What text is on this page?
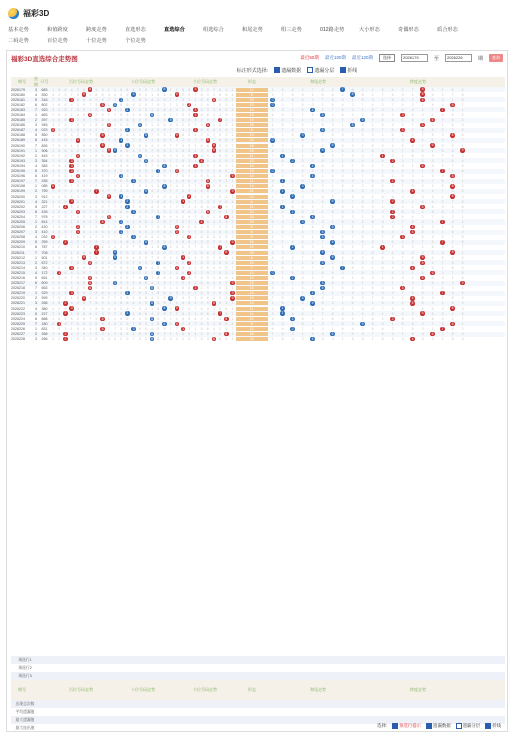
福彩3D
基本走势	和值跨度	跨度走势	直选形态	直选综合	组选综合	和尾走势	组三走势	012路走势	大小形态	奇偶形态	质合形态
二码走势	百位走势	十位走势	个位走势
福彩3D直选综合走势图	最近50期 最近100期 最近120期	选择	2026179	至	2026226	期	查询
标注形式选择:	遗漏数据	遗漏分层	折线
期号
星期
开号	百位号码走势	十位号码走势	个位号码走势	形态	和尾走势	跨度走势
2026179	3	683	1	8	6	4	2	9	6	5	3	1	1	8	6	4	2	9	7	5	8	1	1	8	6	3	2	9	7	5	3	1	17	1	6	4	2	7	5	3	7	6	4	1	6	4	2	7	5	3	1	6	4
2026180	4	530	4	2	9	7	5	5	1	8	6	4	4	2	9	3	5	3	1	8	6	4	0	2	9	7	5	3	1	8	6	4	8	2	7	5	3	1	6	4	2	8	5	2	7	5	3	1	5	4	2	7	5
2026181	5	316	7	5	3	3	8	6	4	2	9	7	7	1	3	1	8	6	4	2	9	7	7	5	3	1	8	6	6	2	9	7	10	0	1	6	4	2	7	5	3	1	6	3	1	6	4	2	5	5	3	1	6
2026182	6	802	1	8	6	4	2	9	7	5	8	1	0	8	6	4	2	9	7	5	3	1	1	8	2	4	2	9	7	5	3	1	10	0	2	7	5	3	1	6	4	2	7	4	2	7	5	3	1	6	4	8	7
2026183	7	923	4	2	9	7	5	3	1	8	6	9	4	2	2	7	5	3	1	8	6	4	4	2	9	3	5	3	1	8	6	4	14	5	3	1	6	4	2	7	5	3	1	5	3	1	6	4	2	7	7	3	1
2026184	1	663	7	5	3	1	8	6	6	2	9	7	7	5	3	1	8	6	6	2	9	7	7	5	3	3	8	6	4	2	9	7	15	6	4	2	7	5	5	1	6	4	2	6	4	2	3	5	3	1	6	4	2
2026185	2	397	1	8	6	3	2	9	7	5	3	1	1	8	6	4	2	9	7	5	3	9	1	8	6	4	2	9	7	7	3	1	19	7	5	3	1	6	4	2	7	5	9	7	5	3	1	6	4	6	7	5	3
2026186	3	945	4	2	9	7	5	3	1	8	6	9	4	2	9	7	4	3	1	8	6	4	4	2	9	7	5	5	1	8	6	4	18	1	6	4	2	7	5	3	1	8	4	1	6	4	2	7	5	3	1	6	4
2026187	4	023	0	5	3	1	8	6	4	2	9	7	7	5	2	1	8	6	4	2	9	7	7	5	3	3	8	6	4	2	9	7	5	2	7	5	3	1	5	4	2	7	5	2	7	5	3	1	6	4	2	7	5
2026188	5	850	1	8	6	4	2	9	7	5	8	1	1	8	6	4	2	5	7	5	3	1	0	8	6	4	2	9	7	5	3	1	13	3	1	6	3	2	7	5	3	1	6	3	1	6	4	2	7	5	3	8	6
2026189	6	415	4	2	9	7	4	3	1	8	6	4	4	1	9	7	5	3	1	8	6	4	4	2	9	7	5	5	1	8	6	4	10	0	2	7	5	3	1	6	4	2	7	4	2	7	5	4	1	6	4	2	7
2026190	7	826	7	5	3	1	8	6	4	2	8	7	7	5	2	1	8	6	4	2	9	7	7	5	3	1	8	6	6	2	9	7	16	5	3	1	6	4	2	6	5	3	1	5	3	1	6	4	2	6	5	3	1
2026191	1	906	1	8	6	4	2	9	7	5	3	9	0	8	6	4	2	9	7	5	3	1	1	8	6	4	2	9	6	5	3	1	15	6	4	2	7	5	5	1	6	4	2	6	4	2	7	5	3	1	6	4	9
2026192	2	443	4	2	9	7	4	3	1	8	6	4	4	2	9	7	4	3	1	8	6	4	4	2	9	3	5	3	1	8	6	4	11	7	1	3	1	6	4	2	7	5	3	7	1	3	1	6	4	2	7	5	3
2026193	3	354	7	5	3	3	8	6	4	2	9	7	7	5	3	1	8	5	4	2	9	7	7	5	3	1	4	6	4	2	9	7	12	1	6	2	2	7	5	3	1	6	4	1	6	2	2	7	5	3	1	6	4
2026194	4	383	1	8	6	3	2	9	7	5	3	1	1	8	6	4	2	9	7	5	8	1	1	8	6	3	2	9	7	5	3	1	14	2	7	5	3	4	6	4	2	7	5	2	7	5	3	1	5	4	2	7	5
2026195	5	370	4	2	9	3	5	3	1	8	6	4	4	2	9	7	5	3	1	7	6	4	0	2	9	7	5	3	1	8	6	4	10	0	1	6	4	2	7	5	3	1	6	3	1	6	4	2	7	5	7	1	6
2026196	6	419	7	5	3	1	4	6	4	2	9	7	7	1	3	1	8	6	4	2	9	7	7	5	3	1	8	6	4	2	9	9	14	4	2	7	5	4	1	6	4	2	7	4	2	7	5	3	1	6	4	8	7
2026197	7	335	1	8	6	3	2	9	7	5	3	1	1	8	6	3	2	9	7	5	3	1	1	8	6	4	2	5	7	5	3	1	11	5	1	1	6	4	2	7	5	3	1	5	3	2	6	4	2	7	5	3	1
2026198	1	085	0	2	9	7	5	3	1	8	6	4	4	2	9	7	5	3	1	8	8	4	4	2	9	7	5	5	1	8	6	4	13	6	4	2	3	5	3	1	6	4	2	6	4	2	7	5	3	1	6	8	2
2026199	2	759	7	5	3	1	8	6	4	7	9	7	7	5	3	1	8	5	4	2	9	7	7	5	3	1	8	6	4	2	9	9	21	7	1	3	1	6	4	2	7	5	3	7	5	3	1	4	4	2	7	5	3
2026200	3	912	1	8	6	4	2	9	7	5	3	9	1	1	6	4	2	9	7	5	3	1	1	8	2	4	2	9	7	5	3	1	12	1	6	2	2	7	5	3	1	6	4	1	6	4	2	7	5	3	1	8	4
2026201	4	321	4	2	9	3	5	3	1	8	6	4	4	2	2	7	5	3	1	8	6	4	4	1	9	7	5	3	1	8	6	4	6	2	7	5	3	1	6	6	2	7	5	2	7	2	3	1	6	4	2	7	5
2026202	5	227	7	5	2	1	8	6	4	2	9	7	7	5	2	1	8	6	4	2	9	7	7	5	3	1	8	6	4	7	9	7	11	3	1	6	4	2	7	5	3	1	6	3	1	6	4	2	5	5	3	1	6
2026203	6	435	1	8	6	4	4	9	7	5	3	1	1	8	6	3	2	9	7	5	3	1	1	8	6	4	2	5	7	5	3	1	12	4	2	2	5	3	1	6	4	2	7	4	2	2	5	3	1	6	4	2	7
2026204	7	978	4	2	9	7	5	3	1	8	6	9	4	2	9	7	5	3	1	7	6	4	4	2	9	7	5	3	1	8	8	4	24	5	3	1	6	4	2	7	5	3	1	5	3	2	6	4	2	7	5	3	1
2026205	1	814	7	5	3	1	8	6	4	2	8	7	7	1	3	1	8	6	4	2	9	7	7	5	3	1	4	6	4	2	9	7	13	6	4	2	3	5	3	1	6	4	2	6	4	2	7	5	3	1	7	4	2
2026206	2	420	1	8	6	4	4	9	7	5	3	1	1	8	2	4	2	9	7	5	3	1	0	8	6	4	2	9	7	5	3	1	6	7	5	3	1	6	4	6	7	5	3	7	5	3	1	4	4	2	7	5	3
2026207	3	410	4	2	9	7	4	3	1	8	6	4	4	1	9	7	5	3	1	8	6	4	0	2	9	7	5	3	1	8	6	4	5	1	6	4	2	7	5	3	1	6	4	1	6	4	2	4	5	3	1	6	4
2026208	4	032	0	5	3	1	8	6	4	2	9	7	7	5	3	3	8	6	4	2	9	7	7	5	2	1	8	6	4	2	9	7	5	2	7	5	3	1	5	4	2	7	5	2	7	5	3	1	6	4	2	7	5
2026209	5	259	1	8	2	4	2	9	7	5	3	1	1	8	6	4	2	5	7	5	3	1	1	8	6	4	2	9	7	5	3	9	16	3	1	6	4	2	7	6	3	1	6	3	1	6	4	2	7	5	7	1	6
2026210	6	787	4	2	9	7	5	3	1	7	6	4	4	2	9	7	5	3	1	8	8	4	4	2	9	7	5	3	1	7	6	4	22	4	2	2	5	3	1	6	4	2	7	4	1	7	5	3	1	6	4	2	7
2026211	7	708	7	5	3	1	8	6	4	7	9	7	0	5	3	1	8	6	4	2	9	7	7	5	3	1	8	6	4	2	8	7	15	5	3	1	6	4	5	7	5	3	1	5	3	1	6	4	2	7	5	8	1
2026212	1	501	1	8	6	4	2	5	7	5	3	1	0	8	6	4	2	9	7	5	3	1	1	1	6	4	2	9	7	5	3	1	6	6	4	2	7	5	3	6	6	4	2	6	4	2	7	5	5	1	6	4	2
2026213	2	672	4	2	9	7	5	3	6	8	6	4	4	2	9	7	5	3	1	7	6	4	4	2	2	7	5	3	1	8	6	4	15	7	5	3	1	6	5	2	7	5	3	7	5	3	1	6	5	2	7	5	3
2026214	3	340	7	5	3	3	8	6	4	2	9	7	7	5	3	1	4	6	4	2	9	7	0	5	3	1	8	6	4	2	9	7	7	1	6	4	2	7	5	3	7	6	4	1	6	4	2	4	5	3	1	6	4
2026215	4	172	1	1	6	4	2	9	7	5	3	1	1	8	6	4	2	9	7	7	3	1	1	8	2	4	2	9	7	5	3	1	10	0	7	5	3	1	6	4	2	7	5	2	7	5	3	1	6	6	2	7	5
2026216	5	651	4	2	9	7	5	3	6	8	6	4	4	2	9	7	5	5	1	8	6	4	4	1	9	7	5	3	1	8	6	4	12	3	1	2	4	2	7	5	3	1	6	3	1	6	4	2	5	5	3	1	6
2026217	6	609	7	5	3	1	8	6	6	2	9	7	0	5	3	1	8	6	4	2	9	7	7	5	3	1	8	6	4	2	9	9	15	4	2	7	5	3	5	6	4	2	7	4	2	7	5	3	1	6	4	2	9
2026218	7	663	1	8	6	4	2	9	6	5	3	1	1	8	6	4	2	9	6	5	3	1	1	8	6	3	2	9	7	5	3	1	15	5	3	1	6	4	5	7	5	3	1	5	3	1	3	4	2	7	5	3	1
2026219	1	329	4	2	9	3	5	3	1	8	6	4	4	2	2	7	5	3	1	8	6	4	4	2	9	7	5	3	1	8	6	9	14	6	4	2	7	4	3	1	6	4	2	6	4	2	7	5	3	1	7	4	2
2026220	2	599	7	5	3	1	8	5	4	2	9	7	7	5	3	1	8	6	4	2	9	9	7	5	3	1	8	6	4	2	9	9	23	7	5	3	3	6	4	2	7	5	3	7	5	3	1	4	4	2	7	5	3
2026221	3	266	1	8	2	4	2	9	7	5	3	1	1	8	6	4	2	9	6	5	3	1	1	8	6	4	2	9	6	5	3	1	14	1	6	4	2	4	5	3	1	6	4	1	6	4	2	4	5	3	1	6	4
2026222	4	380	4	2	9	3	5	3	1	8	6	4	4	2	9	7	5	3	1	8	8	4	0	2	9	7	5	3	1	8	6	4	11	2	1	5	3	1	6	4	2	7	5	2	7	5	3	1	6	4	2	8	5
2026223	5	227	7	5	2	1	8	6	4	2	9	7	7	5	2	1	8	6	4	2	9	7	7	5	3	1	8	6	4	7	9	7	11	3	1	6	4	2	7	5	3	1	6	3	1	6	4	2	5	5	3	1	6
2026224	6	868	1	8	6	4	2	9	7	5	8	1	1	8	6	4	2	9	6	5	3	1	1	8	6	4	2	9	7	5	8	1	22	4	2	2	5	3	1	6	4	2	7	4	2	2	5	3	1	6	4	2	7
2026225	7	180	4	1	9	7	5	3	1	8	6	4	4	2	9	7	5	3	1	8	8	4	0	2	9	7	5	3	1	8	6	4	9	5	3	1	6	4	2	7	5	3	9	5	3	1	6	4	2	7	5	8	1
2026226	1	831	7	5	3	1	8	6	4	2	8	7	7	5	3	3	8	6	4	2	9	7	7	1	3	1	8	6	4	2	9	7	12	6	4	2	7	5	3	1	6	4	2	6	4	2	7	5	3	1	7	4	2
2026227	2	268	1	8	2	4	2	9	7	5	3	1	1	8	6	4	2	9	6	5	3	1	1	8	6	4	2	9	7	5	8	1	16	7	5	3	1	6	4	6	7	5	3	7	5	3	1	6	4	6	7	5	3
2026228	3	266	4	2	2	7	5	3	1	8	6	4	4	2	9	7	5	3	6	8	6	4	4	2	9	7	5	3	6	8	6	4	14	1	6	4	2	4	5	3	1	6	4	1	6	4	2	4	5	3	1	6	4
预选行1
预选行2
预选行3
期号	百位号码走势	十位号码走势	个位号码走势	形态	和尾走势	跨度走势
出现总次数
平均遗漏值
最大遗漏值
最大连出值	选择:	预选行提示	遗漏数据	遗漏分层	折线
